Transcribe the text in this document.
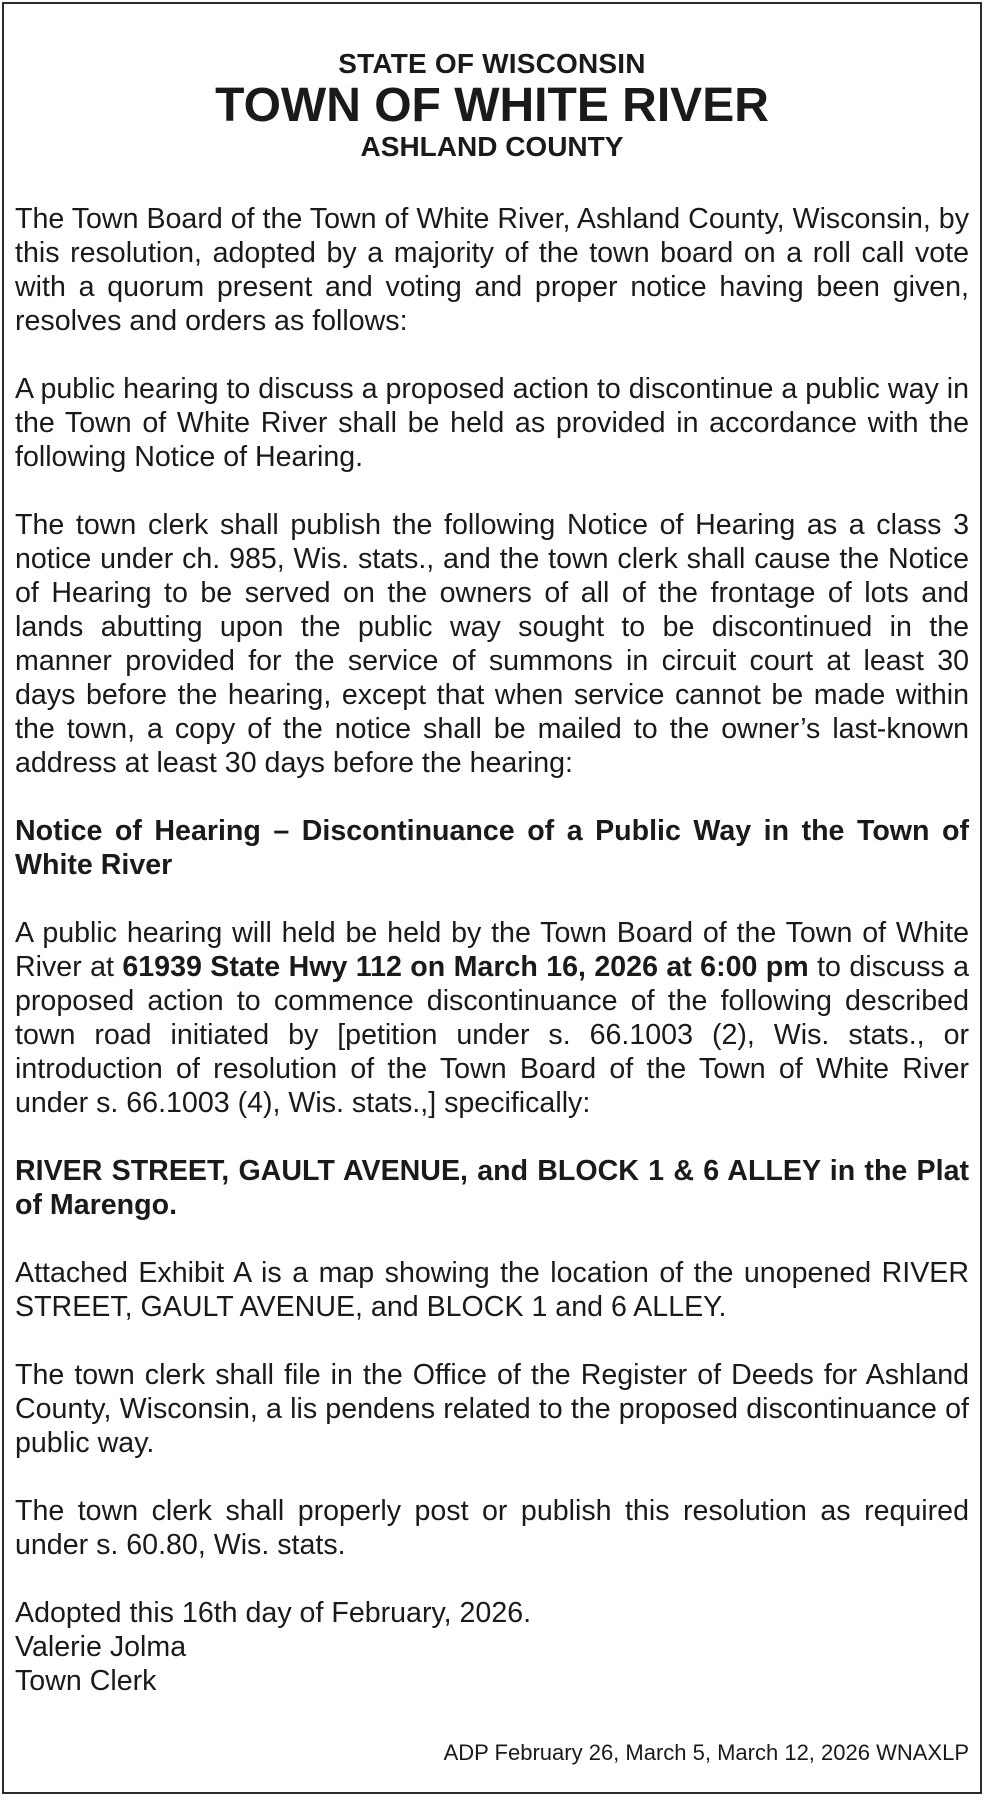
STATE OF WISCONSIN
TOWN OF WHITE RIVER
ASHLAND COUNTY

The Town Board of the Town of White River, Ashland County, Wisconsin, by this resolution, adopted by a majority of the town board on a roll call vote with a quorum present and voting and proper notice having been given, resolves and orders as follows:

A public hearing to discuss a proposed action to discontinue a public way in the Town of White River shall be held as provided in accordance with the following Notice of Hearing.

The town clerk shall publish the following Notice of Hearing as a class 3 notice under ch. 985, Wis. stats., and the town clerk shall cause the Notice of Hearing to be served on the owners of all of the frontage of lots and lands abutting upon the public way sought to be discontinued in the manner provided for the service of summons in circuit court at least 30 days before the hearing, except that when service cannot be made within the town, a copy of the notice shall be mailed to the owner’s last-known address at least 30 days before the hearing:

Notice of Hearing – Discontinuance of a Public Way in the Town of White River

A public hearing will held be held by the Town Board of the Town of White River at 61939 State Hwy 112 on March 16, 2026 at 6:00 pm to discuss a proposed action to commence discontinuance of the following described town road initiated by [petition under s. 66.1003 (2), Wis. stats., or introduction of resolution of the Town Board of the Town of White River under s. 66.1003 (4), Wis. stats.,] specifically:

RIVER STREET, GAULT AVENUE, and BLOCK 1 & 6 ALLEY in the Plat of Marengo.

Attached Exhibit A is a map showing the location of the unopened RIVER STREET, GAULT AVENUE, and BLOCK 1 and 6 ALLEY.

The town clerk shall file in the Office of the Register of Deeds for Ashland County, Wisconsin, a lis pendens related to the proposed discontinuance of public way.

The town clerk shall properly post or publish this resolution as required under s. 60.80, Wis. stats.

Adopted this 16th day of February, 2026.
Valerie Jolma
Town Clerk

ADP February 26, March 5, March 12, 2026 WNAXLP
